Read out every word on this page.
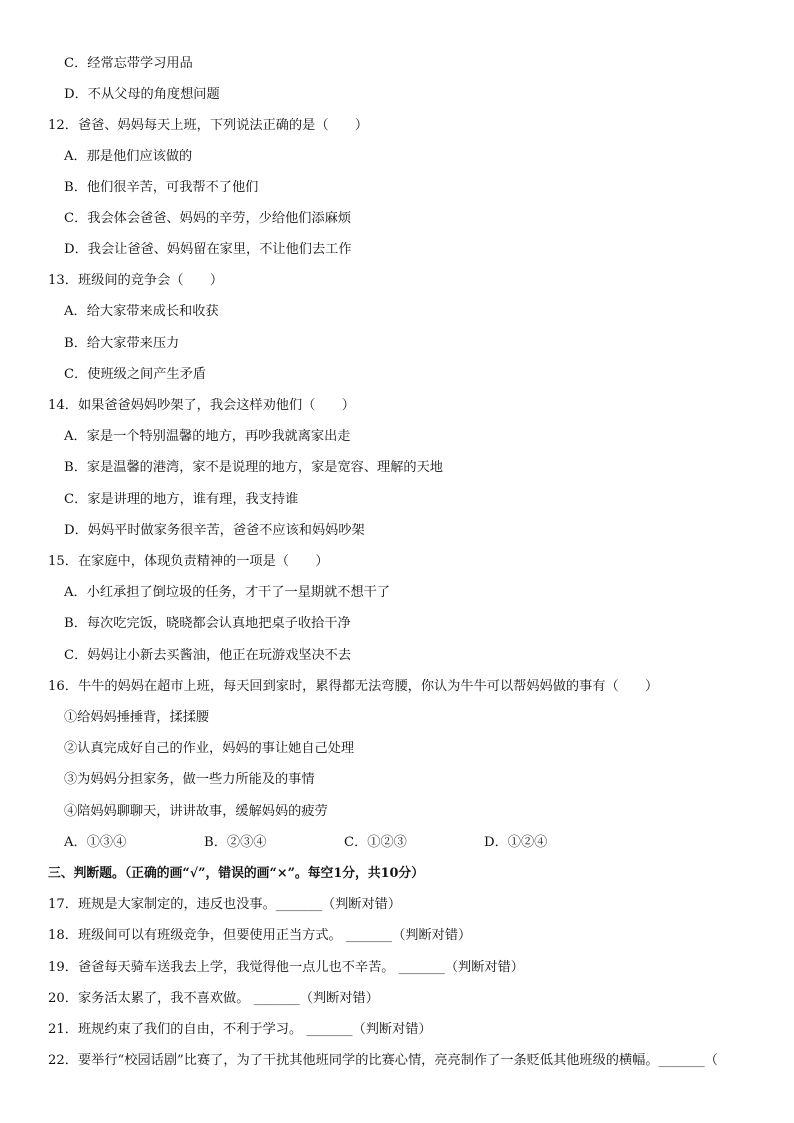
C．经常忘带学习用品
D．不从父母的角度想问题
12．爸爸、妈妈每天上班，下列说法正确的是（　　）
A．那是他们应该做的
B．他们很辛苦，可我帮不了他们
C．我会体会爸爸、妈妈的辛劳，少给他们添麻烦
D．我会让爸爸、妈妈留在家里，不让他们去工作
13．班级间的竞争会（　　）
A．给大家带来成长和收获
B．给大家带来压力
C．使班级之间产生矛盾
14．如果爸爸妈妈吵架了，我会这样劝他们（　　）
A．家是一个特别温馨的地方，再吵我就离家出走
B．家是温馨的港湾，家不是说理的地方，家是宽容、理解的天地
C．家是讲理的地方，谁有理，我支持谁
D．妈妈平时做家务很辛苦，爸爸不应该和妈妈吵架
15．在家庭中，体现负责精神的一项是（　　）
A．小红承担了倒垃圾的任务，才干了一星期就不想干了
B．每次吃完饭，晓晓都会认真地把桌子收拾干净
C．妈妈让小新去买酱油，他正在玩游戏坚决不去
16．牛牛的妈妈在超市上班，每天回到家时，累得都无法弯腰，你认为牛牛可以帮妈妈做的事有（　　）
①给妈妈捶捶背，揉揉腰
②认真完成好自己的作业，妈妈的事让她自己处理
③为妈妈分担家务，做一些力所能及的事情
④陪妈妈聊聊天，讲讲故事，缓解妈妈的疲劳
A．①③④	B．②③④	C．①②③	D．①②④
三、判断题。（正确的画“√”，错误的画“×”。每空1分，共10分）
17．班规是大家制定的，违反也没事。_______（判断对错）
18．班级间可以有班级竞争，但要使用正当方式。 _______（判断对错）
19．爸爸每天骑车送我去上学，我觉得他一点儿也不辛苦。 _______（判断对错）
20．家务活太累了，我不喜欢做。 _______（判断对错）
21．班规约束了我们的自由，不利于学习。 _______（判断对错）
22．要举行“校园话剧”比赛了，为了干扰其他班同学的比赛心情，亮亮制作了一条贬低其他班级的横幅。_______（
